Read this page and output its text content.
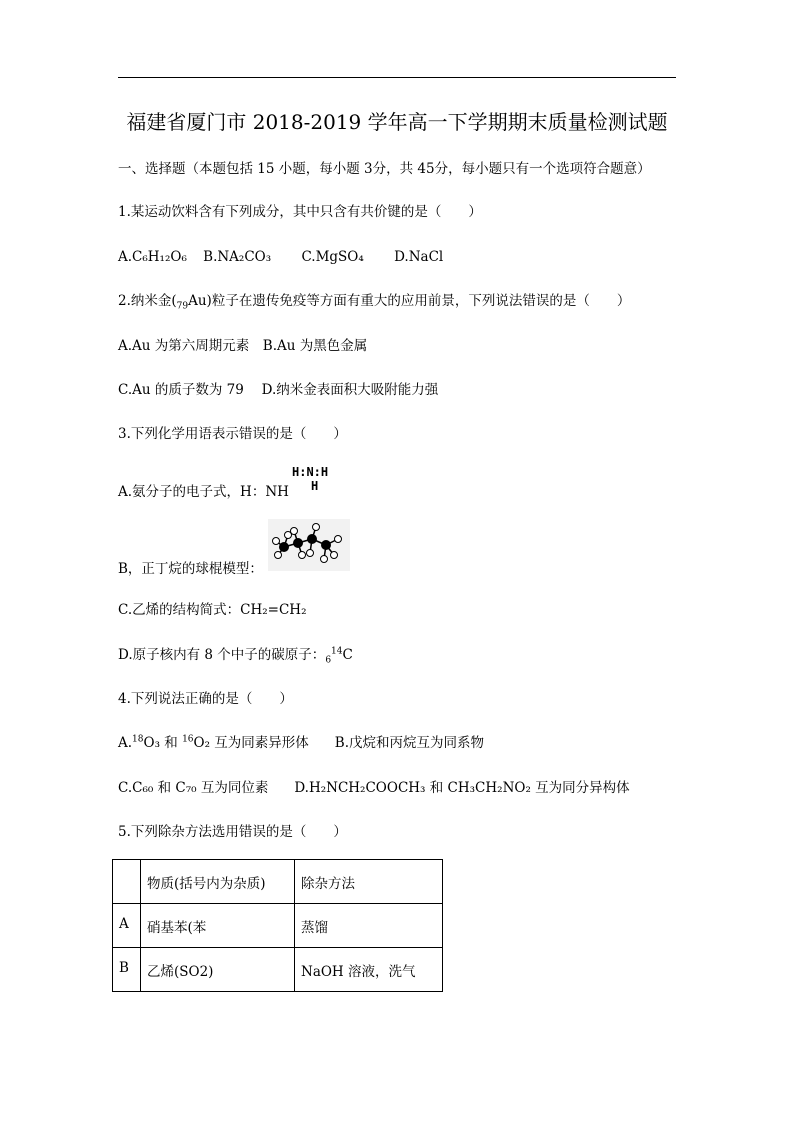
福建省厦门市 2018-2019 学年高一下学期期末质量检测试题
一、选择题（本题包括 15 小题，每小题 3分，共 45分，每小题只有一个选项符合题意）
1.某运动饮料含有下列成分，其中只含有共价键的是（　　）
A.C₆H₁₂O₆ B.NA₂CO₃ C.MgSO₄ D.NaCl
2.纳米金$(_{79}Au)$粒子在遗传免疫等方面有重大的应用前景，下列说法错误的是（　　）
A.Au 为第六周期元素　B.Au 为黑色金属
C.Au 的质子数为 79　 D.纳米金表面积大吸附能力强
3.下列化学用语表示错误的是（　　）
H:N:H
H
A.氨分子的电子式，H：NH
B，正丁烷的球棍模型：
C.乙烯的结构简式：CH₂=CH₂
D.原子核内有 8 个中子的碳原子：$_6^{14}$C
4.下列说法正确的是（　　）
A.$^{18}$O₃ 和 $^{16}$O₂ 互为同素异形体 B.戊烷和丙烷互为同系物
C.C₆₀ 和 C₇₀ 互为同位素 D.H₂NCH₂COOCH₃ 和 CH₃CH₂NO₂ 互为同分异构体
5.下列除杂方法选用错误的是（　　）
	物质(括号内为杂质)	除杂方法
A	硝基苯(苯	蒸馏
B	乙烯(SO2)	NaOH 溶液，洗气
